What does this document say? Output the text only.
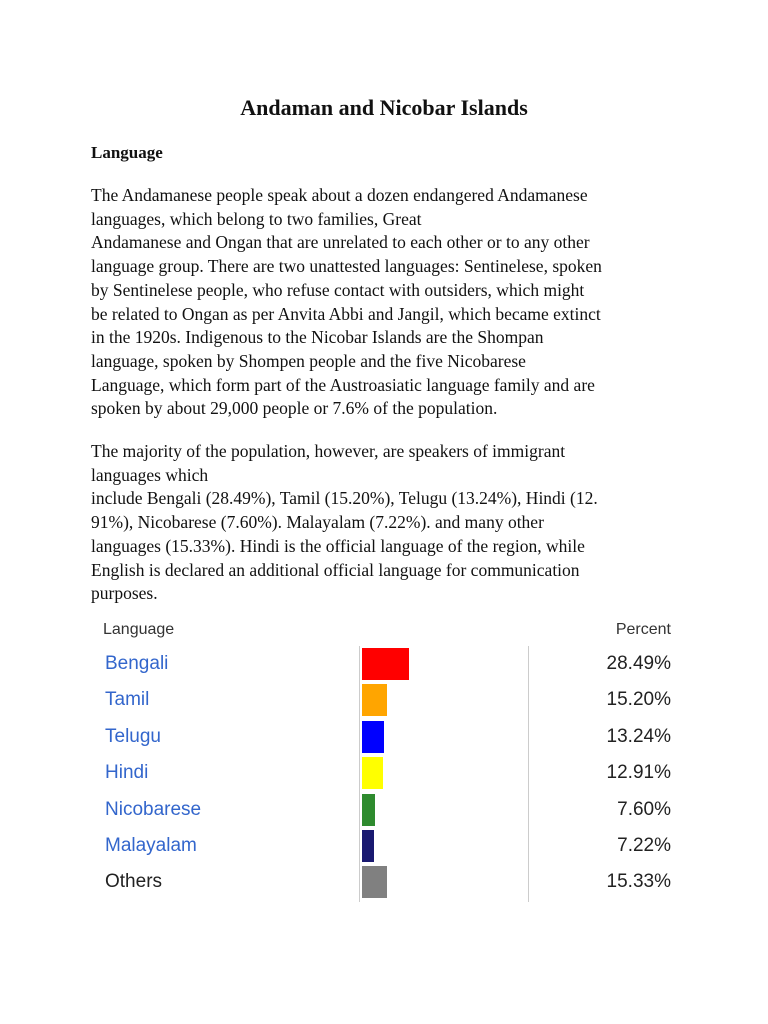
Andaman and Nicobar Islands
Language
The Andamanese people speak about a dozen endangered Andamanese
languages, which belong to two families, Great
Andamanese and Ongan that are unrelated to each other or to any other
language group. There are two unattested languages: Sentinelese, spoken
by Sentinelese people, who refuse contact with outsiders, which might
be related to Ongan as per Anvita Abbi and Jangil, which became extinct
in the 1920s. Indigenous to the Nicobar Islands are the Shompan
language, spoken by Shompen people and the five Nicobarese
Language, which form part of the Austroasiatic language family and are
spoken by about 29,000 people or 7.6% of the population.
The majority of the population, however, are speakers of immigrant
languages which
include Bengali (28.49%), Tamil (15.20%), Telugu (13.24%), Hindi (12.
91%), Nicobarese (7.60%). Malayalam (7.22%). and many other
languages (15.33%). Hindi is the official language of the region, while
English is declared an additional official language for communication
purposes.
Language	Percent
Bengali	28.49%
Tamil	15.20%
Telugu	13.24%
Hindi	12.91%
Nicobarese	7.60%
Malayalam	7.22%
Others	15.33%
